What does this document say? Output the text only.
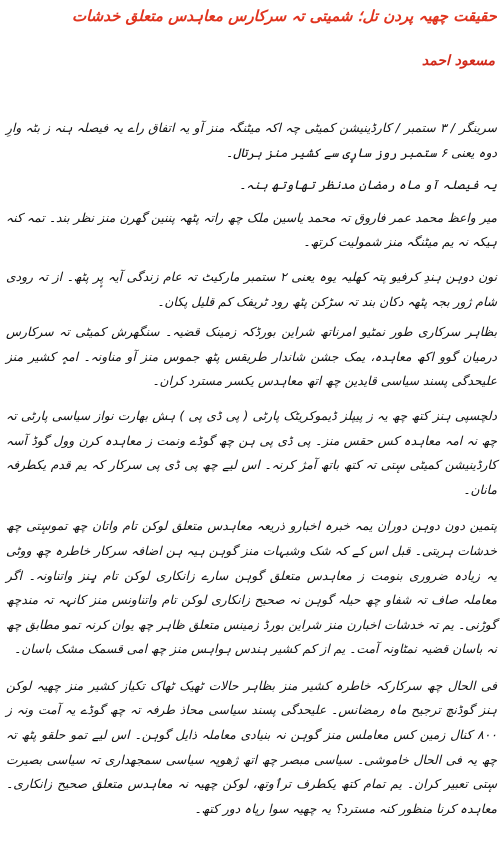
حقیقت چھیہ پردن تل؛ شمیتی تہ سرکارس معاہدس متعلق خدشات
مسعود احمد

سرینگر / ۳ ستمبر / کارڈینیشن کمیٹی چہ اکہ میٹنگہ منز آو یہ اتفاق راے یہ فیصلہ ہنہ ز بٹہ وارِ دوہ یعنی ۶ ستمبر روز سارٕی سے کشیر منز ہرتال۔

یہ فیصلہ آو ماہ رمضان مدنظر تھاوتھ ہنہ۔

میر واعظ محمد عمر فاروق تہ محمد یاسین ملک چھ راتہ پٹھہ پننین گھرن منز نظر بند۔ تمہ کنہ ہیکہ نہ یم میٹنگہ منز شمولیت کرتھ۔

نون دوہن ہندِ کرفیو پتہ کھلیہ یوہ یعنی ۲ ستمبر مارکیٹ تہ عام زندگی آیہ پٕر پٹھ۔ از تہ رودی شام ژور بجہ پٹھہ دکان بند تہ سڑکن پٹھ رود ٹریفک کم قلیل پکان۔

بظاہر سرکاری طور نمٹیو امرناتھ شراین بورڈکہ زمینک قضیہ۔ سنگھرش کمیٹی تہ سرکارس درمیان گوو اکھ معاہدہ، یمک جشن شاندار طریقس پٹھ جموس منز آو مناونہ۔ امہٕ کشیر منز علیحدگی پسند سیاسی قایدین چھ اتھ معاہدس یکسر مسترد کران۔

دلچسپی ہنز کتھ چھ یہ ز پیپلز ڈیموکریٹک پارٹی ( پی ڈی پی ) ہش بھارت نواز سیاسی پارٹی تہ چھ نہ امہ معاہدہ کس حقس منز۔ پی ڈی پی ہن چھ گوڈے ونمت ز معاہدہ کرن وول گوڈ آسہ کارڈینیشن کمیٹی سٕتی تہ کتھ باتھ آمژ کرنہ۔ اس لیے چھ پی ڈی پی سرکار کہ یم قدم یکطرفہ مانان۔

پتمین دون دوہن دوران یمہ خبرہ اخبارو ذریعہ معاہدس متعلق لوکن تام واتان چھ تموسٕتی چھ خدشات ہریتی۔ قبل اس کے کہ شک وشبہات منز گوہن ہیہ ہن اضافہ سرکار خاطرہ چھ ووٹی یہ زیادہ ضروری بنومت ز معاہدس متعلق گوہن سارے زانکاری لوکن تام ہٕنز واتناونہ۔ اگر معاملہ صاف تہ شفاو چھ حیلہ گوہن نہ صحیح زانکاری لوکن تام واتناونس منز کانہہ تہ مندچھ گوڑنی۔ یم تہ خدشات اخبارن منز شراین بورڈ زمینس متعلق ظاہر چھ یوان کرنہ تمو مطابق چھ نہ باسان قضیہ نمٹاونہ آمت۔ یم از کم کشیر ہندس ہواہس منز چھ امی قسمک مشک باسان۔

فی الحال چھ سرکارکہ خاطرہ کشیر منز بظاہر حالات ٹھیک ٹھاک تکیاز کشیر منز چھیہ لوکن ہنز گوڈنچ ترجیح ماہ رمضانس۔ علیحدگی پسند سیاسی محاذ طرفہ تہ چھ گوڈے یہ آمت ونہ ز ۸۰۰ کنال زمین کس معاملس منز گوہن نہ بنیادی معاملہ ذایل گوہن۔ اس لیے تمو حلقو پٹھ تہ چھ یہ فی الحال خاموشی۔ سیاسی مبصر چھ اتھ ژھوپہ سیاسی سمجھداری تہ سیاسی بصیرت سٕتی تعبیر کران۔ یم تمام کتھ یکطرف ترٲوتھ، لوکن چھیہ نہ معاہدس متعلق صحیح زانکاری۔ معاہدہ کرنا منظور کنہ مسترد؟ یہ چھیہ سوا رپاہ دور کتھ۔
